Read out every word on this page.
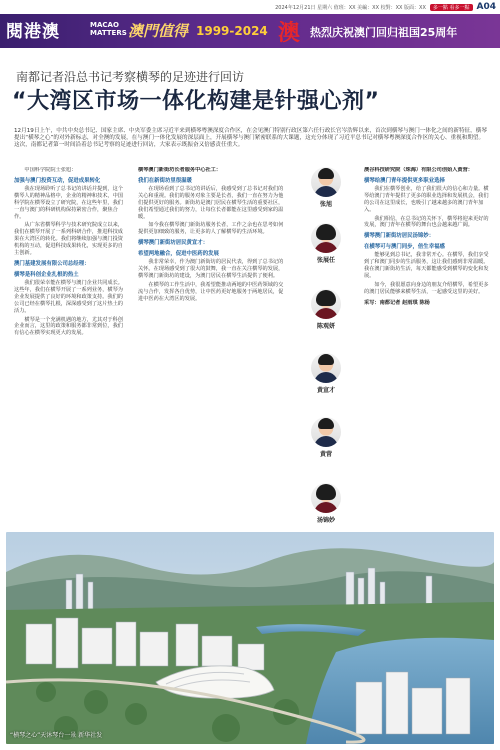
2024年12月21日 星期六 值班：XX 美編：XX 校對：XX 版面：XX	多一點 看多一點 A04
閱港澳	MACAO
MATTERS 澳門值得 1999-2024 澳 热烈庆祝澳门回归祖国25周年
南都记者沿总书记考察横琴的足迹进行回访
“大湾区市场一体化构建是针强心剂”
12月19日上午，中共中央总书记、国家主席、中央军委主席习近平来到横琴粤澳深度合作区，在会见澳门特别行政区第六任行政长官岑浩辉以来，首次到横琴与澳门一体化之间的新特征，横琴提出“横琴之心”的对外新标志，对全澳的发展，在与澳门一体化发展的深层面上，开展横琴与澳门紧密联系的大课题，这充分体现了习近平总书记对横琴粤澳深度合作区的关心、重视和期望。这次，南都记者第一时间沿着总书记考察的足迹进行回访，大家表示既振奋又倍感责任重大。

中国科学院院士张旭：

加强与澳门投资互动，促进成果转化

我在现场聆听了总书记的讲话并提到，这个横琴人的精神品格中，企业的精神和技术，中国科学院在横琴设立了研究院，在这些年里，我们一直与澳门的科研机构保持紧密合作，聚焦合作。

从广东省横琴科学与技术研究院成立以来，我们在横琴开展了一系列科研合作，推进科技成果在大湾区的转化。我们将继续加强与澳门投资机构的互动，促进科技成果转化，实现更多的自主创新。

澳门基建发展有限公司总经理：

横琴是科创企业扎根的热土

我们很荣幸能在横琴与澳门企业共同成长。这些年，我们在横琴开展了一系列业务，横琴为企业发展提供了良好的环境和政策支持。我们的公司已经在横琴扎根，深深感受到了这片热土的活力。

横琴是一个充满机遇的地方，尤其对于科创企业而言，这里的政策和服务都非常到位，我们有信心在横琴实现更大的发展。

横琴澳门新街坊长者服务中心社工：

我们在新街坊里很温暖

在现场看到了总书记的讲话后，我感受到了总书记对我们的关心和重视。我们的服务对象主要是长者，我们一直在努力为他们提供更好的服务。新街坊是澳门居民在横琴生活的重要社区，我们希望通过我们的努力，让每位长者都能在这里感受到家的温暖。

如今我在横琴澳门新街坊服务长者，工作之余也在思考如何提供更加细致的服务，让更多的人了解横琴的生活环境。

横琴澳门新街坊居民黄宣才：

希望两地融合，促进中医药的发展

我非常荣幸，作为澳门新街坊的居民代表，得到了总书记的关怀。在现场感受到了很大的鼓舞，我一直在关注横琴的发展，横琴澳门新街坊的建设，为澳门居民在横琴生活提供了便利。

在横琴的工作生活中，我希望能推动两地的中医药领域的交流与合作，发挥各自优势，让中医药更好地服务于两地居民，促进中医药在大湾区的发展。

澳谷科技研究院（珠海）有限公司创始人黄营：

横琴给澳门青年提供更多职业选择

我们在横琴创业，给了我们很大的信心和力量。横琴给澳门青年提供了更多的职业选择和发展机会，我们的公司在这里成长，也吸引了越来越多的澳门青年加入。

我们相信，在总书记的关怀下，横琴将迎来更好的发展，澳门青年在横琴的舞台也会越来越广阔。

横琴澳门新街坊居民汤锦妙：

在横琴可与澳门同步，倍生幸福感

能够见到总书记，我非常开心。在横琴，我们享受到了和澳门同步的生活服务，这让我们感到非常温暖。我在澳门新街坊生活，每天都能感受到横琴的变化和发展。

如今，我很愿意向身边的朋友介绍横琴，希望更多的澳门居民能够来横琴生活，一起感受这里的美好。

采写：南都记者 赵雨琪 陈杨

张旭
张展任
陈观妍
黄宣才
黄营
汤锦妙
“横琴之心”天沐琴台一景 新华社发
